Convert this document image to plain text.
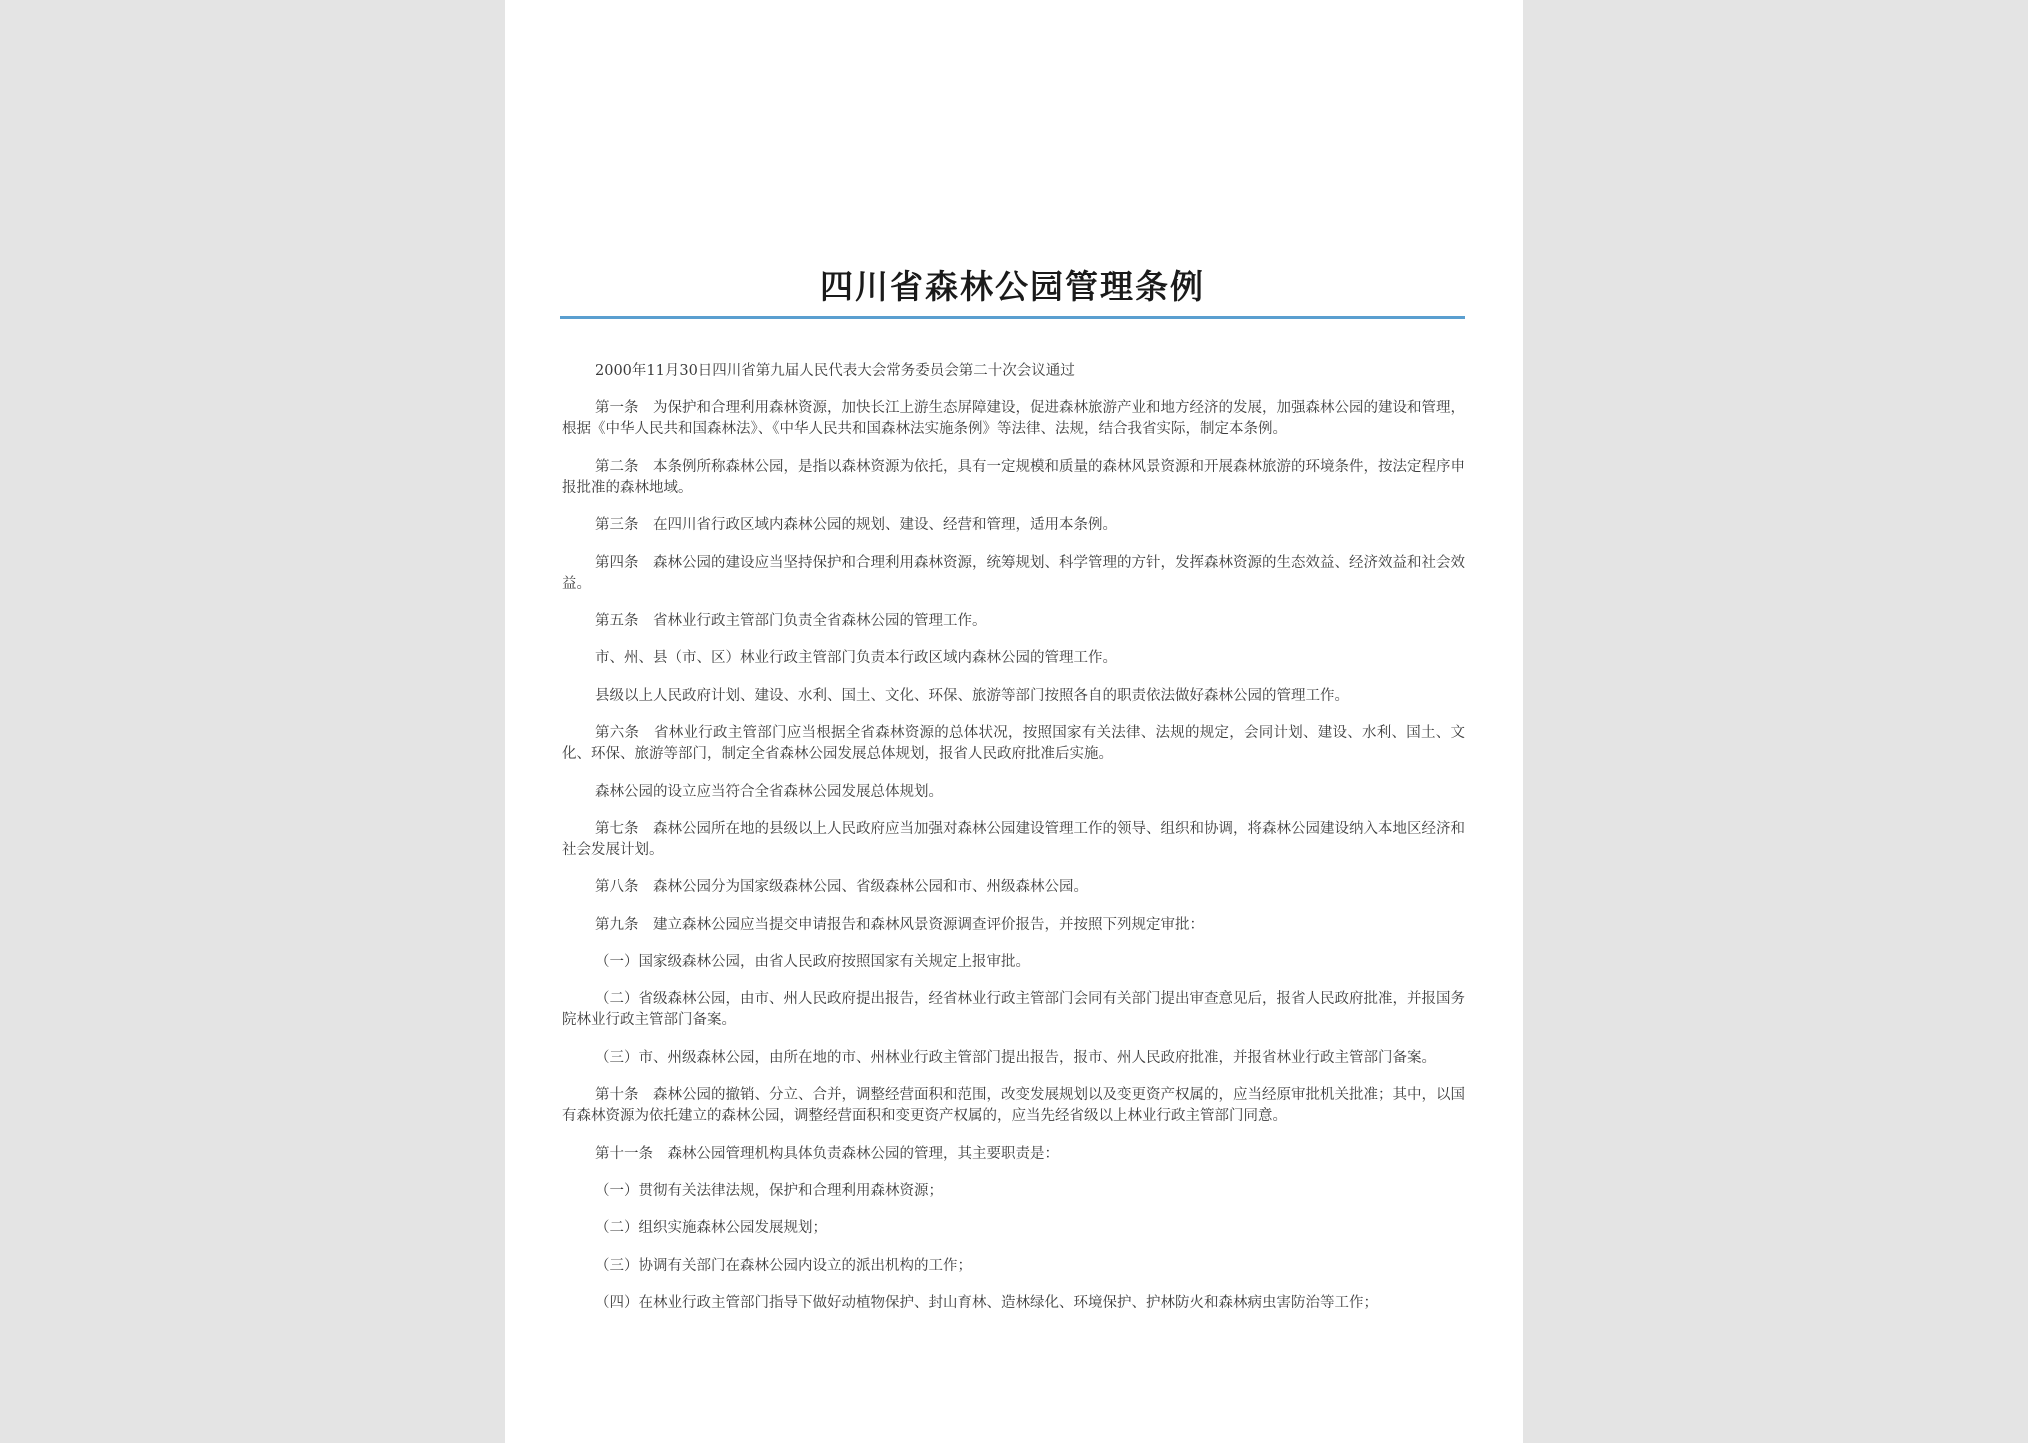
四川省森林公园管理条例

2000年11月30日四川省第九届人民代表大会常务委员会第二十次会议通过

第一条　为保护和合理利用森林资源，加快长江上游生态屏障建设，促进森林旅游产业和地方经济的发展，加强森林公园的建设和管理，根据《中华人民共和国森林法》、《中华人民共和国森林法实施条例》等法律、法规，结合我省实际，制定本条例。

第二条　本条例所称森林公园，是指以森林资源为依托，具有一定规模和质量的森林风景资源和开展森林旅游的环境条件，按法定程序申报批准的森林地域。

第三条　在四川省行政区域内森林公园的规划、建设、经营和管理，适用本条例。

第四条　森林公园的建设应当坚持保护和合理利用森林资源，统筹规划、科学管理的方针，发挥森林资源的生态效益、经济效益和社会效益。

第五条　省林业行政主管部门负责全省森林公园的管理工作。

市、州、县（市、区）林业行政主管部门负责本行政区域内森林公园的管理工作。

县级以上人民政府计划、建设、水利、国土、文化、环保、旅游等部门按照各自的职责依法做好森林公园的管理工作。

第六条　省林业行政主管部门应当根据全省森林资源的总体状况，按照国家有关法律、法规的规定，会同计划、建设、水利、国土、文化、环保、旅游等部门，制定全省森林公园发展总体规划，报省人民政府批准后实施。

森林公园的设立应当符合全省森林公园发展总体规划。

第七条　森林公园所在地的县级以上人民政府应当加强对森林公园建设管理工作的领导、组织和协调，将森林公园建设纳入本地区经济和社会发展计划。

第八条　森林公园分为国家级森林公园、省级森林公园和市、州级森林公园。

第九条　建立森林公园应当提交申请报告和森林风景资源调查评价报告，并按照下列规定审批：

（一）国家级森林公园，由省人民政府按照国家有关规定上报审批。

（二）省级森林公园，由市、州人民政府提出报告，经省林业行政主管部门会同有关部门提出审查意见后，报省人民政府批准，并报国务院林业行政主管部门备案。

（三）市、州级森林公园，由所在地的市、州林业行政主管部门提出报告，报市、州人民政府批准，并报省林业行政主管部门备案。

第十条　森林公园的撤销、分立、合并，调整经营面积和范围，改变发展规划以及变更资产权属的，应当经原审批机关批准；其中，以国有森林资源为依托建立的森林公园，调整经营面积和变更资产权属的，应当先经省级以上林业行政主管部门同意。

第十一条　森林公园管理机构具体负责森林公园的管理，其主要职责是：

（一）贯彻有关法律法规，保护和合理利用森林资源；

（二）组织实施森林公园发展规划；

（三）协调有关部门在森林公园内设立的派出机构的工作；

（四）在林业行政主管部门指导下做好动植物保护、封山育林、造林绿化、环境保护、护林防火和森林病虫害防治等工作；
